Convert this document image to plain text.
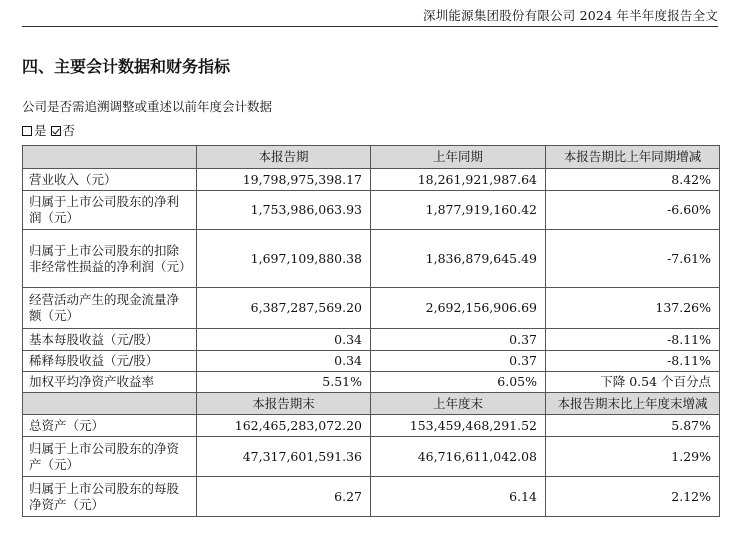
深圳能源集团股份有限公司 2024 年半年度报告全文
四、主要会计数据和财务指标
公司是否需追溯调整或重述以前年度会计数据
是 否
	本报告期	上年同期	本报告期比上年同期增减
营业收入（元）	19,798,975,398.17	18,261,921,987.64	8.42%
归属于上市公司股东的净利润（元）	1,753,986,063.93	1,877,919,160.42	-6.60%
归属于上市公司股东的扣除非经常性损益的净利润（元）	1,697,109,880.38	1,836,879,645.49	-7.61%
经营活动产生的现金流量净额（元）	6,387,287,569.20	2,692,156,906.69	137.26%
基本每股收益（元/股）	0.34	0.37	-8.11%
稀释每股收益（元/股）	0.34	0.37	-8.11%
加权平均净资产收益率	5.51%	6.05%	下降 0.54 个百分点
	本报告期末	上年度末	本报告期末比上年度末增减
总资产（元）	162,465,283,072.20	153,459,468,291.52	5.87%
归属于上市公司股东的净资产（元）	47,317,601,591.36	46,716,611,042.08	1.29%
归属于上市公司股东的每股净资产（元）	6.27	6.14	2.12%
